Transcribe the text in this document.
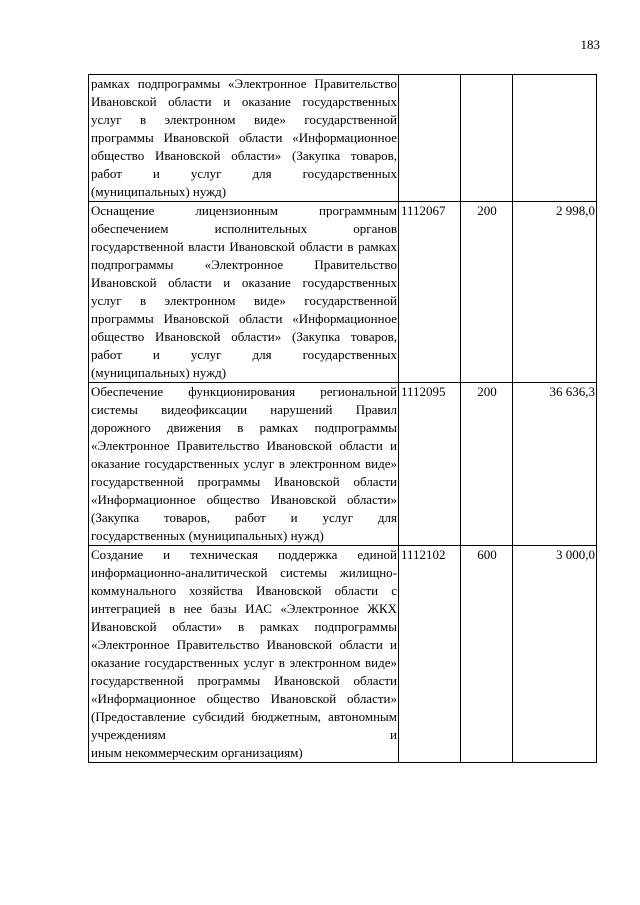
183
рамках подпрограммы «Электронное Правительство Ивановской области и оказание государственных услуг в электронном виде» государственной программы Ивановской области «Информационное общество Ивановской области» (Закупка товаров, работ и услуг для государственных
(муниципальных) нужд)			

Оснащение лицензионным программным обеспечением исполнительных органов государственной власти Ивановской области в рамках подпрограммы «Электронное Правительство Ивановской области и оказание государственных услуг в электронном виде» государственной программы Ивановской области «Информационное общество Ивановской области» (Закупка товаров, работ и услуг для государственных
(муниципальных) нужд)	1112067	200	2 998,0
Обеспечение функционирования региональной системы видеофиксации нарушений Правил дорожного движения в рамках подпрограммы «Электронное Правительство Ивановской области и оказание государственных услуг в электронном виде» государственной программы Ивановской области «Информационное общество Ивановской области» (Закупка товаров, работ и услуг для
государственных (муниципальных) нужд)	1112095	200	36 636,3
Создание и техническая поддержка единой информационно-аналитической системы жилищно-коммунального хозяйства Ивановской области с интеграцией в нее базы ИАС «Электронное ЖКХ Ивановской области» в рамках подпрограммы «Электронное Правительство Ивановской области и оказание государственных услуг в электронном виде» государственной программы Ивановской области «Информационное общество Ивановской области» (Предоставление субсидий бюджетным, автономным учреждениям и
иным некоммерческим организациям)	1112102	600	3 000,0
